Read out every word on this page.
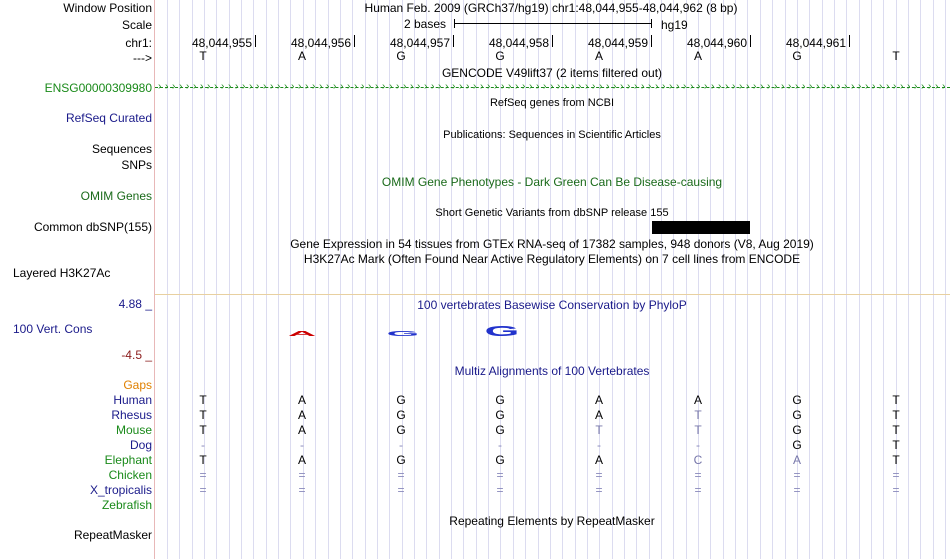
Window Position
Scale
chr1:
--->
ENSG00000309980
RefSeq Curated
Sequences
SNPs
OMIM Genes
Common dbSNP(155)
Layered H3K27Ac
4.88 _
100 Vert. Cons
-4.5 _
Gaps
Human
Rhesus
Mouse
Dog
Elephant
Chicken
X_tropicalis
Zebrafish
RepeatMasker
Human Feb. 2009 (GRCh37/hg19) chr1:48,044,955-48,044,962 (8 bp)
2 bases	hg19
48,044,955	48,044,956	48,044,957	48,044,958	48,044,959	48,044,960	48,044,961
T	A	G	G	A	A	G	T
GENCODE V49lift37 (2 items filtered out)
› › › › › › › › › › › › › › › › › › › › › › › › › › › › › › › › › › › › › › › › › › › › › › › › › › › › › › › › › › › › › › › › › › › › › › › › › › › › › › › › › › › › › › › › › › › › › › › › › › › › › › › › › › › › › › › › ›
RefSeq genes from NCBI
Publications: Sequences in Scientific Articles
OMIM Gene Phenotypes - Dark Green Can Be Disease-causing
Short Genetic Variants from dbSNP release 155
Gene Expression in 54 tissues from GTEx RNA-seq of 17382 samples, 948 donors (V8, Aug 2019)
H3K27Ac Mark (Often Found Near Active Regulatory Elements) on 7 cell lines from ENCODE
100 vertebrates Basewise Conservation by PhyloP
A	G	G
Multiz Alignments of 100 Vertebrates
T	A	G	G	A	A	G	T
T	A	G	G	A	T	G	T
T	A	G	G	T	T	G	T
-	-	-	-	-	-	G	T
T	A	G	G	A	C	A	T
=	=	=	=	=	=	=	=
=	=	=	=	=	=	=	=
Repeating Elements by RepeatMasker
